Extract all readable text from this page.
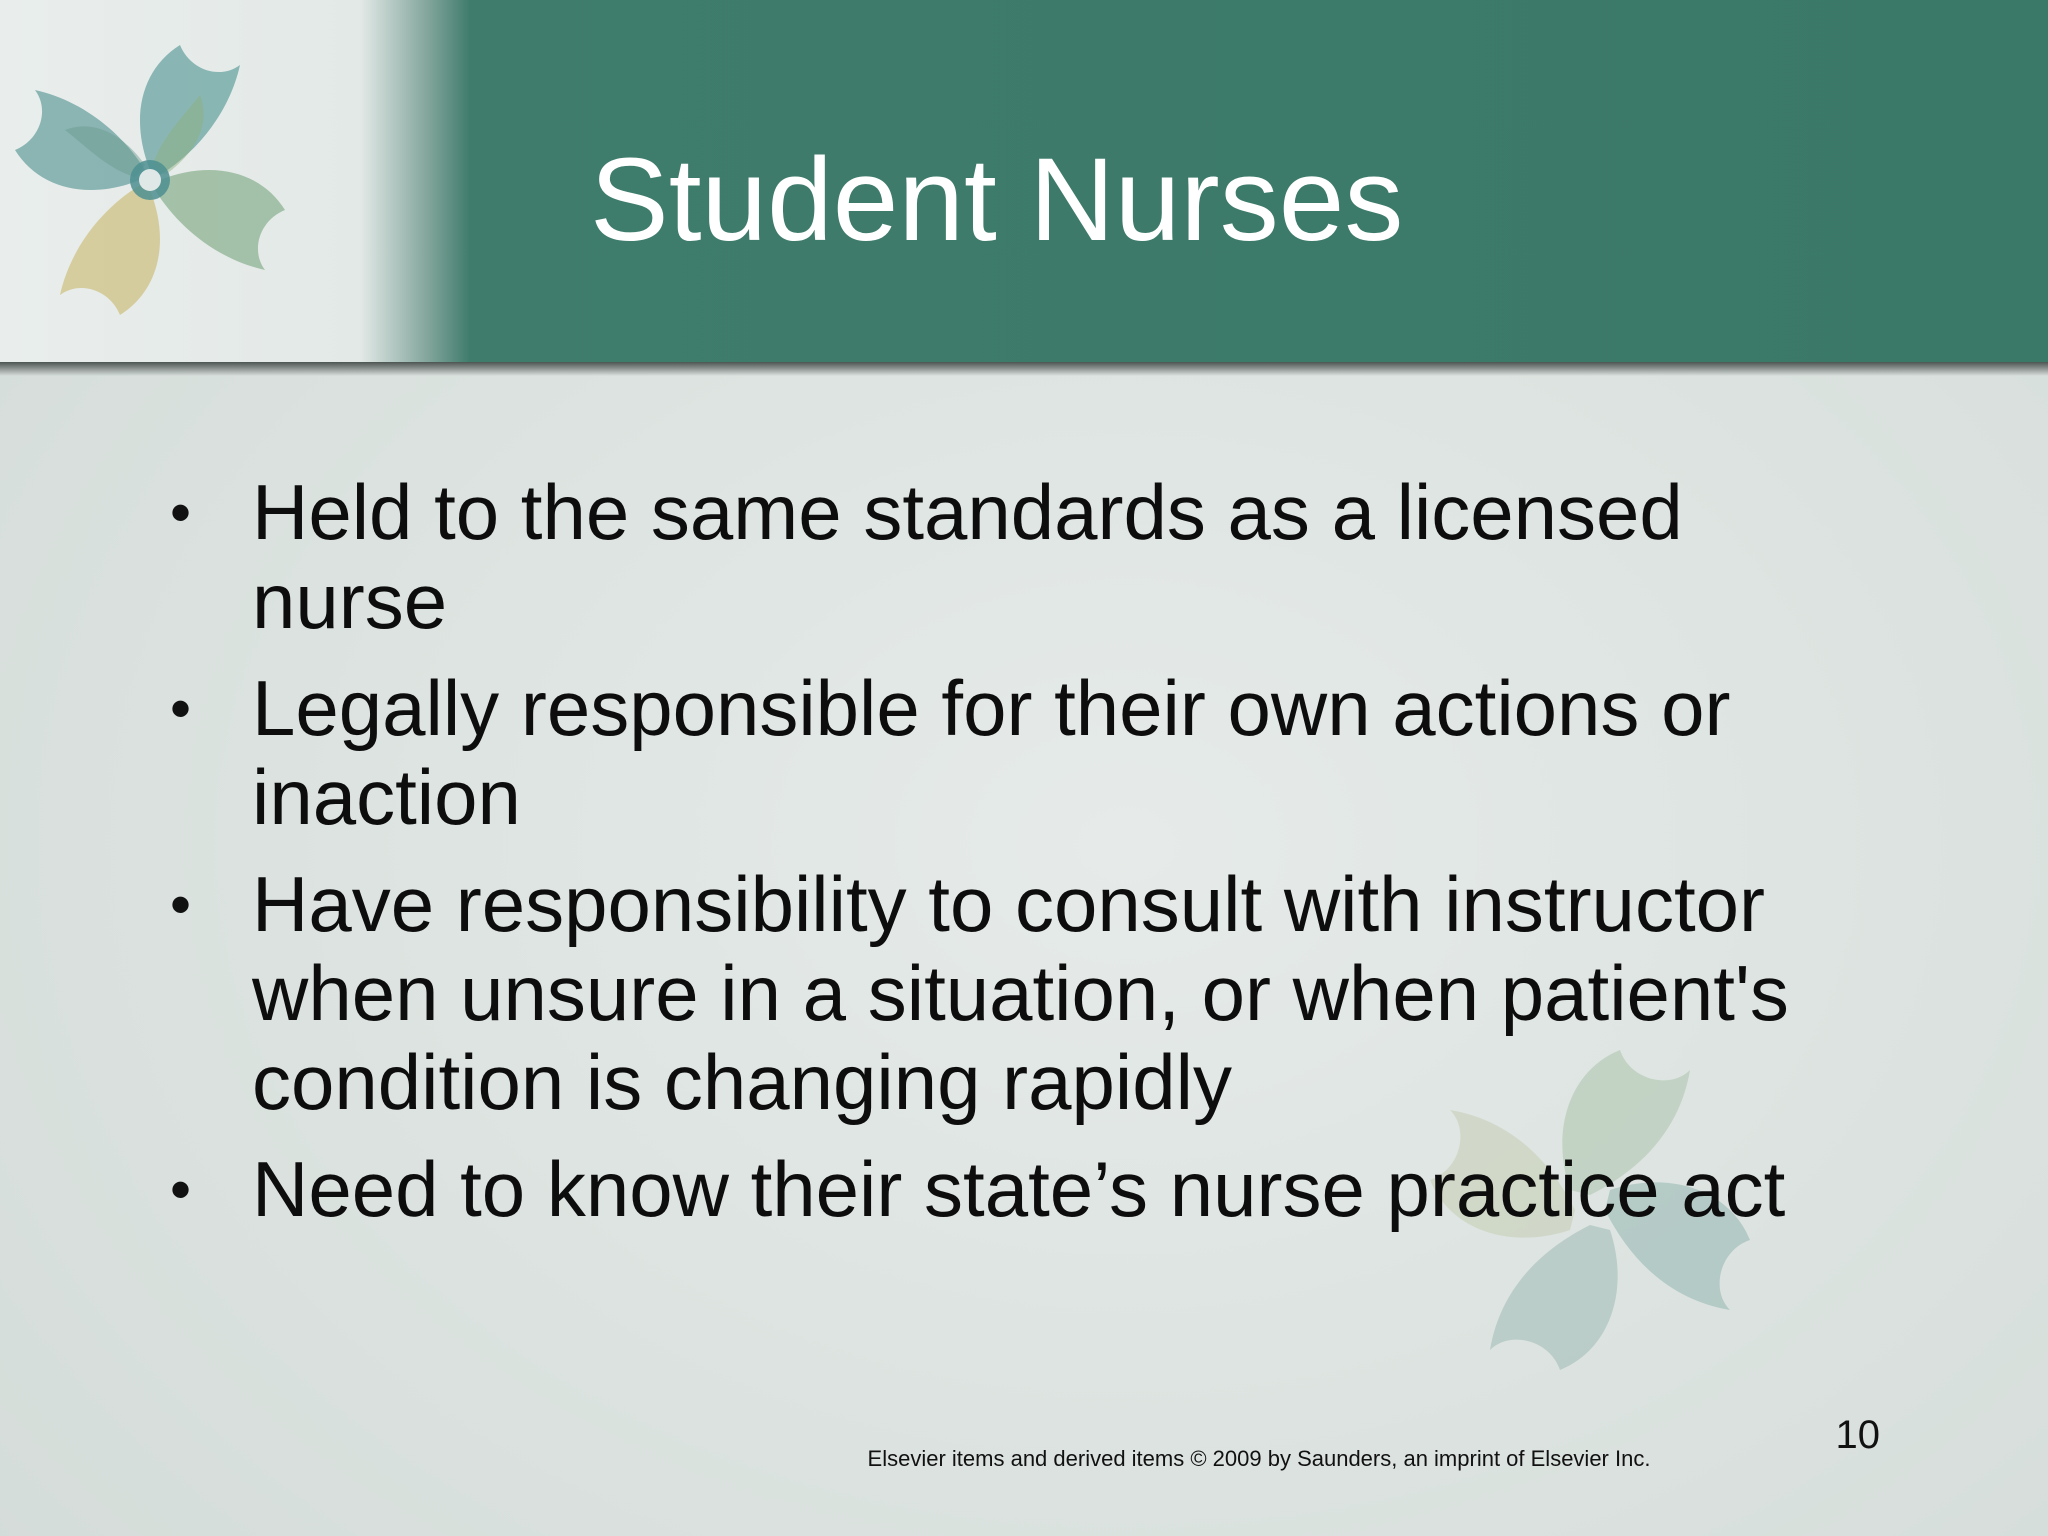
Student Nurses
• Held to the same standards as a licensed nurse
• Legally responsible for their own actions or inaction
• Have responsibility to consult with instructor when unsure in a situation, or when patient's condition is changing rapidly
• Need to know their state’s nurse practice act
10
Elsevier items and derived items © 2009 by Saunders, an imprint of Elsevier Inc.
